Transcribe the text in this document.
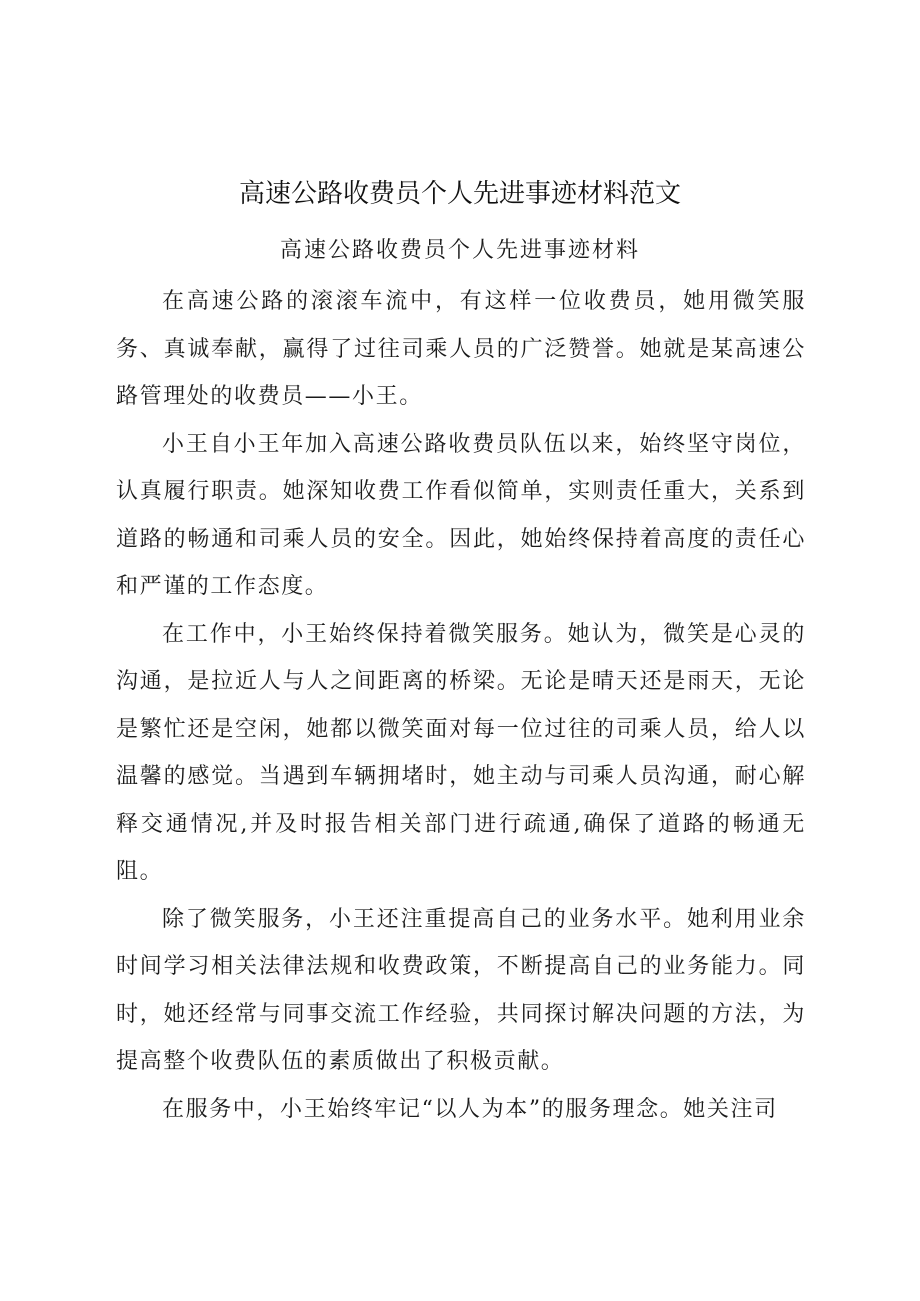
高速公路收费员个人先进事迹材料范文
高速公路收费员个人先进事迹材料

在高速公路的滚滚车流中，有这样一位收费员，她用微笑服务、真诚奉献，赢得了过往司乘人员的广泛赞誉。她就是某高速公路管理处的收费员——小王。

小王自小王年加入高速公路收费员队伍以来，始终坚守岗位，认真履行职责。她深知收费工作看似简单，实则责任重大，关系到道路的畅通和司乘人员的安全。因此，她始终保持着高度的责任心和严谨的工作态度。

在工作中，小王始终保持着微笑服务。她认为，微笑是心灵的沟通，是拉近人与人之间距离的桥梁。无论是晴天还是雨天，无论是繁忙还是空闲，她都以微笑面对每一位过往的司乘人员，给人以温馨的感觉。当遇到车辆拥堵时，她主动与司乘人员沟通，耐心解释交通情况,并及时报告相关部门进行疏通,确保了道路的畅通无阻。

除了微笑服务，小王还注重提高自己的业务水平。她利用业余时间学习相关法律法规和收费政策，不断提高自己的业务能力。同时，她还经常与同事交流工作经验，共同探讨解决问题的方法，为提高整个收费队伍的素质做出了积极贡献。

在服务中，小王始终牢记“以人为本”的服务理念。她关注司
